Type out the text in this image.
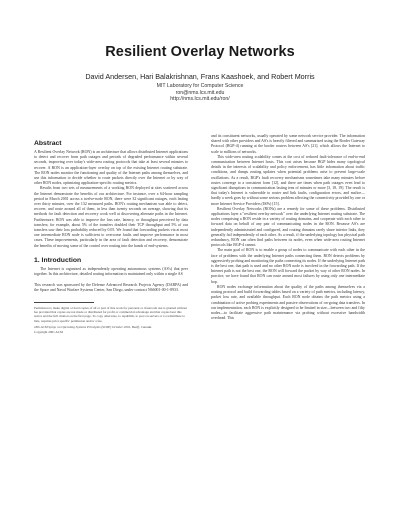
Resilient Overlay Networks
David Andersen, Hari Balakrishnan, Frans Kaashoek, and Robert Morris
MIT Laboratory for Computer Science
ron@nms.lcs.mit.edu
http://nms.lcs.mit.edu/ron/
Abstract

A Resilient Overlay Network (RON) is an architecture that allows distributed Internet applications to detect and recover from path outages and periods of degraded performance within several seconds, improving over today's wide-area routing protocols that take at least several minutes to recover. A RON is an application-layer overlay on top of the existing Internet routing substrate. The RON nodes monitor the functioning and quality of the Internet paths among themselves, and use this information to decide whether to route packets directly over the Internet or by way of other RON nodes, optimizing application-specific routing metrics.

Results from two sets of measurements of a working RON deployed at sites scattered across the Internet demonstrate the benefits of our architecture. For instance, over a 64-hour sampling period in March 2001 across a twelve-node RON, there were 32 significant outages, each lasting over thirty minutes, over the 132 measured paths. RON's routing mechanism was able to detect, recover, and route around all of them, in less than twenty seconds on average, showing that its methods for fault detection and recovery work well at discovering alternate paths in the Internet. Furthermore, RON was able to improve the loss rate, latency, or throughput perceived by data transfers; for example, about 5% of the transfers doubled their TCP throughput and 5% of our transfers saw their loss probability reduced by 0.05. We found that forwarding packets via at most one intermediate RON node is sufficient to overcome faults and improve performance in most cases. These improvements, particularly in the area of fault detection and recovery, demonstrate the benefits of moving some of the control over routing into the hands of end-systems.

1. Introduction

The Internet is organized as independently operating autonomous systems (AS's) that peer together. In this architecture, detailed routing information is maintained only within a single AS

This research was sponsored by the Defense Advanced Research Projects Agency (DARPA) and the Space and Naval Warfare Systems Center, San Diego, under contract N66001-00-1-8933.

Permission to make digital or hard copies of all or part of this work for personal or classroom use is granted without fee provided that copies are not made or distributed for profit or commercial advantage and that copies bear this notice and the full citation on the first page. To copy otherwise, to republish, to post on servers or to redistribute to lists, requires prior specific permission and/or a fee.

18th ACM Symp. on Operating Systems Principles (SOSP) October 2001, Banff, Canada.

Copyright 2001 ACM

and its constituent networks, usually operated by some network service provider. The information shared with other providers and AS's is heavily filtered and summarized using the Border Gateway Protocol (BGP-4) running at the border routers between AS's [21], which allows the Internet to scale to millions of networks.

This wide-area routing scalability comes at the cost of reduced fault-tolerance of end-to-end communication between Internet hosts. This cost arises because BGP hides many topological details in the interests of scalability and policy enforcement, has little information about traffic conditions, and damps routing updates when potential problems arise to prevent large-scale oscillations. As a result, BGP's fault recovery mechanisms sometimes take many minutes before routes converge to a consistent form [12], and there are times when path outages even lead to significant disruptions in communication lasting tens of minutes or more [3, 18, 19]. The result is that today's Internet is vulnerable to router and link faults, configuration errors, and malice—hardly a week goes by without some serious problem affecting the connectivity provided by one or more Internet Service Providers (ISPs) [15].

Resilient Overlay Networks (RONs) are a remedy for some of these problems. Distributed applications layer a "resilient overlay network" over the underlying Internet routing substrate. The nodes comprising a RON reside in a variety of routing domains, and cooperate with each other to forward data on behalf of any pair of communicating nodes in the RON. Because AS's are independently administrated and configured, and routing domains rarely share interior links, they generally fail independently of each other. As a result, if the underlying topology has physical path redundancy, RON can often find paths between its nodes, even when wide-area routing Internet protocols like BGP-4 cannot.

The main goal of RON is to enable a group of nodes to communicate with each other in the face of problems with the underlying Internet paths connecting them. RON detects problems by aggressively probing and monitoring the paths connecting its nodes. If the underlying Internet path is the best one, that path is used and no other RON node is involved in the forwarding path. If the Internet path is not the best one, the RON will forward the packet by way of other RON nodes. In practice, we have found that RON can route around most failures by using only one intermediate hop.

RON nodes exchange information about the quality of the paths among themselves via a routing protocol and build forwarding tables based on a variety of path metrics, including latency, packet loss rate, and available throughput. Each RON node obtains the path metrics using a combination of active probing experiments and passive observations of on-going data transfers. In our implementation, each RON is explicitly designed to be limited in size—between two and fifty nodes—to facilitate aggressive path maintenance via probing without excessive bandwidth overhead. This
